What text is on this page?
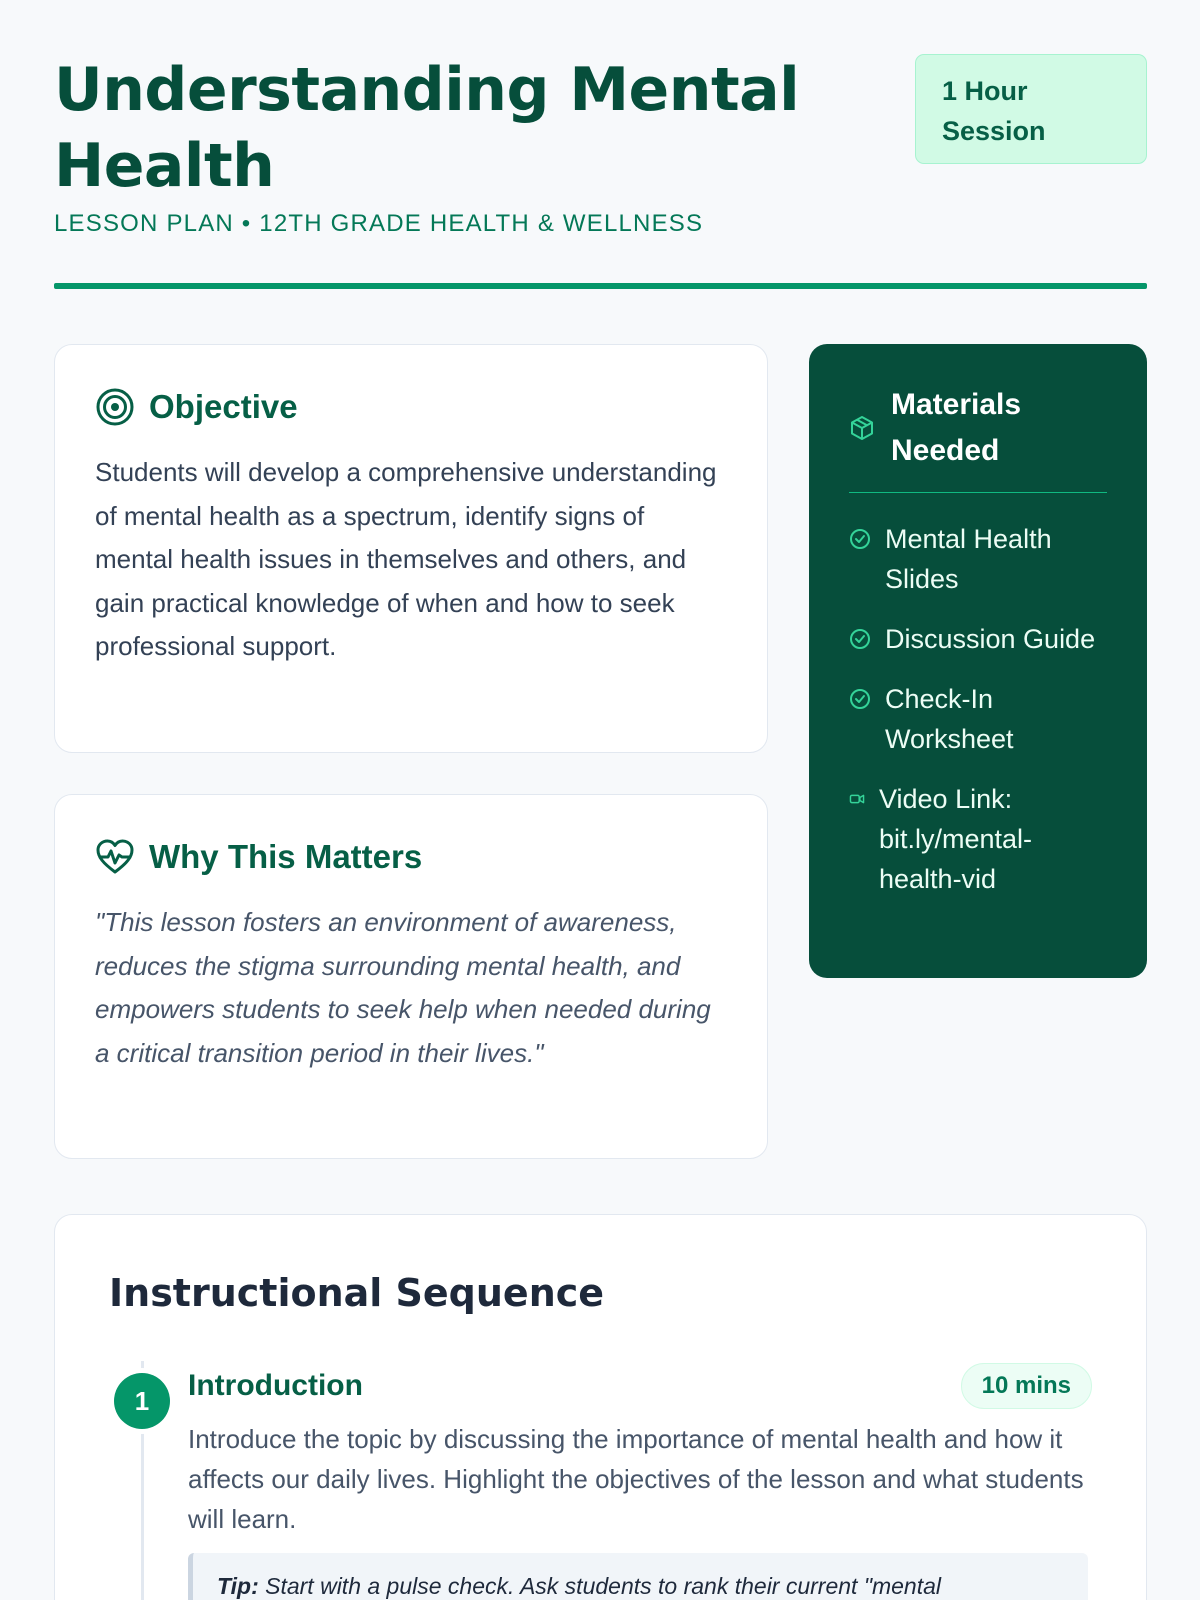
Understanding Mental Health
LESSON PLAN • 12TH GRADE HEALTH & WELLNESS
1 Hour
Session
Objective

Students will develop a comprehensive understanding of mental health as a spectrum, identify signs of mental health issues in themselves and others, and gain practical knowledge of when and how to seek professional support.

Why This Matters

"This lesson fosters an environment of awareness, reduces the stigma surrounding mental health, and empowers students to seek help when needed during a critical transition period in their lives."

Materials Needed
Mental Health Slides
Discussion Guide
Check-In Worksheet
Video Link: bit.ly/mental-health-vid
Instructional Sequence
1	Introduction	10 mins

Introduce the topic by discussing the importance of mental health and how it affects our daily lives. Highlight the objectives of the lesson and what students will learn.

Tip: Start with a pulse check. Ask students to rank their current "mental
